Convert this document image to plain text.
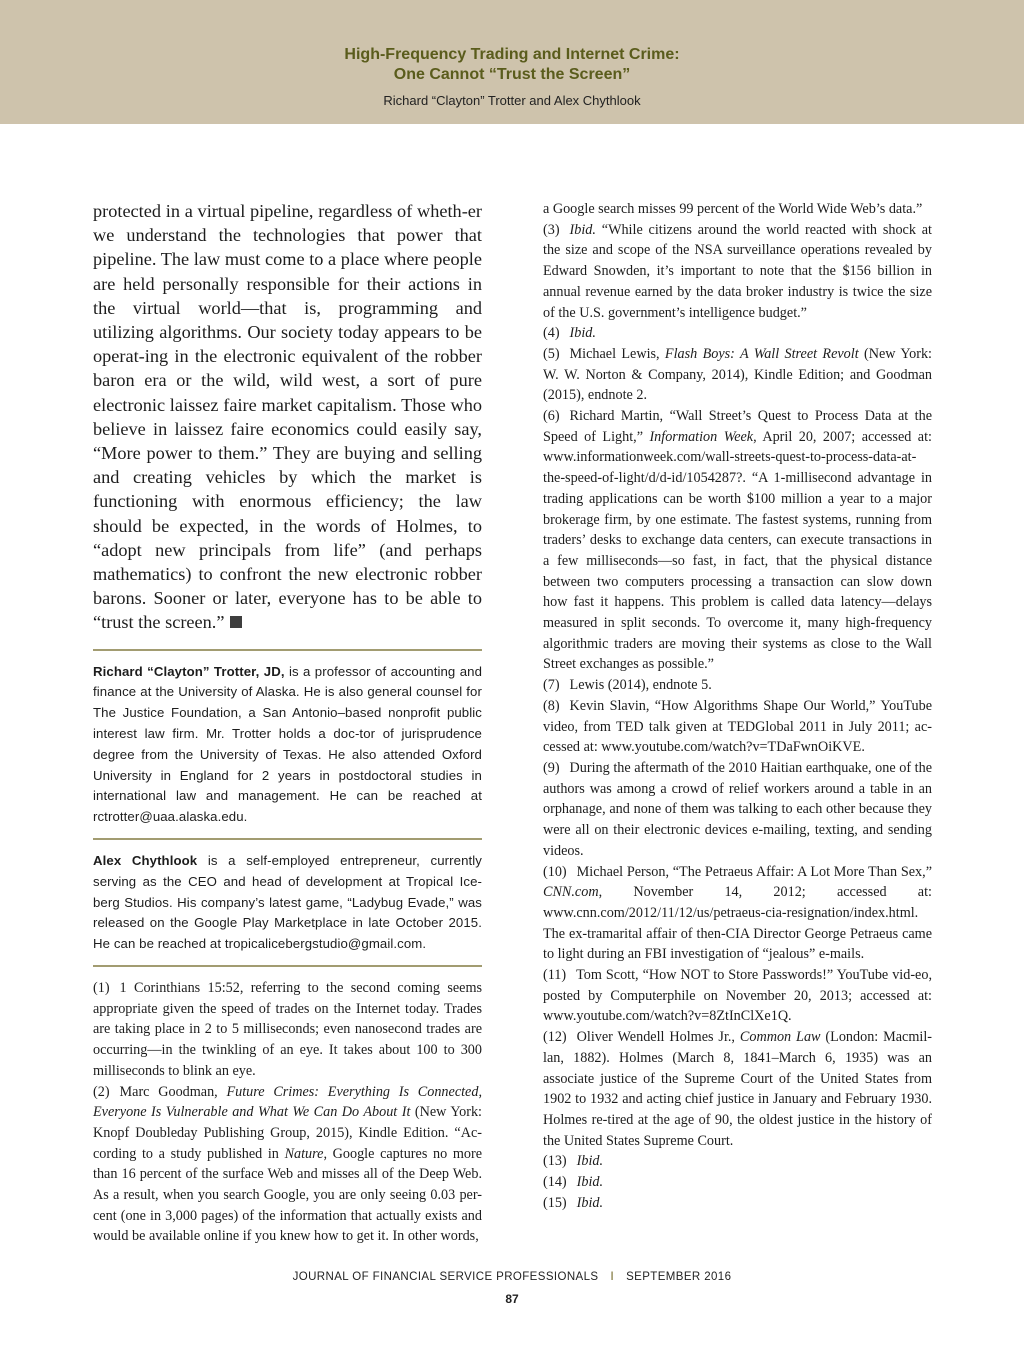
High-Frequency Trading and Internet Crime:
One Cannot “Trust the Screen”
Richard “Clayton” Trotter and Alex Chythlook

protected in a virtual pipeline, regardless of wheth-er we understand the technologies that power that pipeline. The law must come to a place where people are held personally responsible for their actions in the virtual world—that is, programming and utilizing algorithms. Our society today appears to be operat-ing in the electronic equivalent of the robber baron era or the wild, wild west, a sort of pure electronic laissez faire market capitalism. Those who believe in laissez faire economics could easily say, “More power to them.” They are buying and selling and creating vehicles by which the market is functioning with enormous efficiency; the law should be expected, in the words of Holmes, to “adopt new principals from life” (and perhaps mathematics) to confront the new electronic robber barons. Sooner or later, everyone has to be able to “trust the screen.”

Richard “Clayton” Trotter, JD, is a professor of accounting and finance at the University of Alaska. He is also general counsel for The Justice Foundation, a San Antonio–based nonprofit public interest law firm. Mr. Trotter holds a doc-tor of jurisprudence degree from the University of Texas. He also attended Oxford University in England for 2 years in postdoctoral studies in international law and management. He can be reached at rctrotter@uaa.alaska.edu.

Alex Chythlook is a self-employed entrepreneur, currently serving as the CEO and head of development at Tropical Ice-berg Studios. His company’s latest game, “Ladybug Evade,” was released on the Google Play Marketplace in late October 2015. He can be reached at tropicalicebergstudio@gmail.com.

(1) 1 Corinthians 15:52, referring to the second coming seems appropriate given the speed of trades on the Internet today. Trades are taking place in 2 to 5 milliseconds; even nanosecond trades are occurring—in the twinkling of an eye. It takes about 100 to 300 milliseconds to blink an eye.

(2) Marc Goodman, Future Crimes: Everything Is Connected, Everyone Is Vulnerable and What We Can Do About It (New York: Knopf Doubleday Publishing Group, 2015), Kindle Edition. “Ac-cording to a study published in Nature, Google captures no more than 16 percent of the surface Web and misses all of the Deep Web. As a result, when you search Google, you are only seeing 0.03 per-cent (one in 3,000 pages) of the information that actually exists and would be available online if you knew how to get it. In other words,

a Google search misses 99 percent of the World Wide Web’s data.”

(3) Ibid. “While citizens around the world reacted with shock at the size and scope of the NSA surveillance operations revealed by Edward Snowden, it’s important to note that the $156 billion in annual revenue earned by the data broker industry is twice the size of the U.S. government’s intelligence budget.”

(4) Ibid.

(5) Michael Lewis, Flash Boys: A Wall Street Revolt (New York: W. W. Norton & Company, 2014), Kindle Edition; and Goodman (2015), endnote 2.

(6) Richard Martin, “Wall Street’s Quest to Process Data at the Speed of Light,” Information Week, April 20, 2007; accessed at: www.informationweek.com/wall-streets-quest-to-process-data-at-the-speed-of-light/d/d-id/1054287?. “A 1-millisecond advantage in trading applications can be worth $100 million a year to a major brokerage firm, by one estimate. The fastest systems, running from traders’ desks to exchange data centers, can execute transactions in a few milliseconds—so fast, in fact, that the physical distance between two computers processing a transaction can slow down how fast it happens. This problem is called data latency—delays measured in split seconds. To overcome it, many high-frequency algorithmic traders are moving their systems as close to the Wall Street exchanges as possible.”

(7) Lewis (2014), endnote 5.

(8) Kevin Slavin, “How Algorithms Shape Our World,” YouTube video, from TED talk given at TEDGlobal 2011 in July 2011; ac-cessed at: www.youtube.com/watch?v=TDaFwnOiKVE.

(9) During the aftermath of the 2010 Haitian earthquake, one of the authors was among a crowd of relief workers around a table in an orphanage, and none of them was talking to each other because they were all on their electronic devices e-mailing, texting, and sending videos.

(10) Michael Person, “The Petraeus Affair: A Lot More Than Sex,” CNN.com, November 14, 2012; accessed at: www.cnn.com/2012/11/12/us/petraeus-cia-resignation/index.html. The ex-tramarital affair of then-CIA Director George Petraeus came to light during an FBI investigation of “jealous” e-mails.

(11) Tom Scott, “How NOT to Store Passwords!” YouTube vid-eo, posted by Computerphile on November 20, 2013; accessed at: www.youtube.com/watch?v=8ZtInClXe1Q.

(12) Oliver Wendell Holmes Jr., Common Law (London: Macmil-lan, 1882). Holmes (March 8, 1841–March 6, 1935) was an associate justice of the Supreme Court of the United States from 1902 to 1932 and acting chief justice in January and February 1930. Holmes re-tired at the age of 90, the oldest justice in the history of the United States Supreme Court.

(13) Ibid.

(14) Ibid.

(15) Ibid.

JOURNAL OF FINANCIAL SERVICE PROFESSIONALS I SEPTEMBER 2016
87
